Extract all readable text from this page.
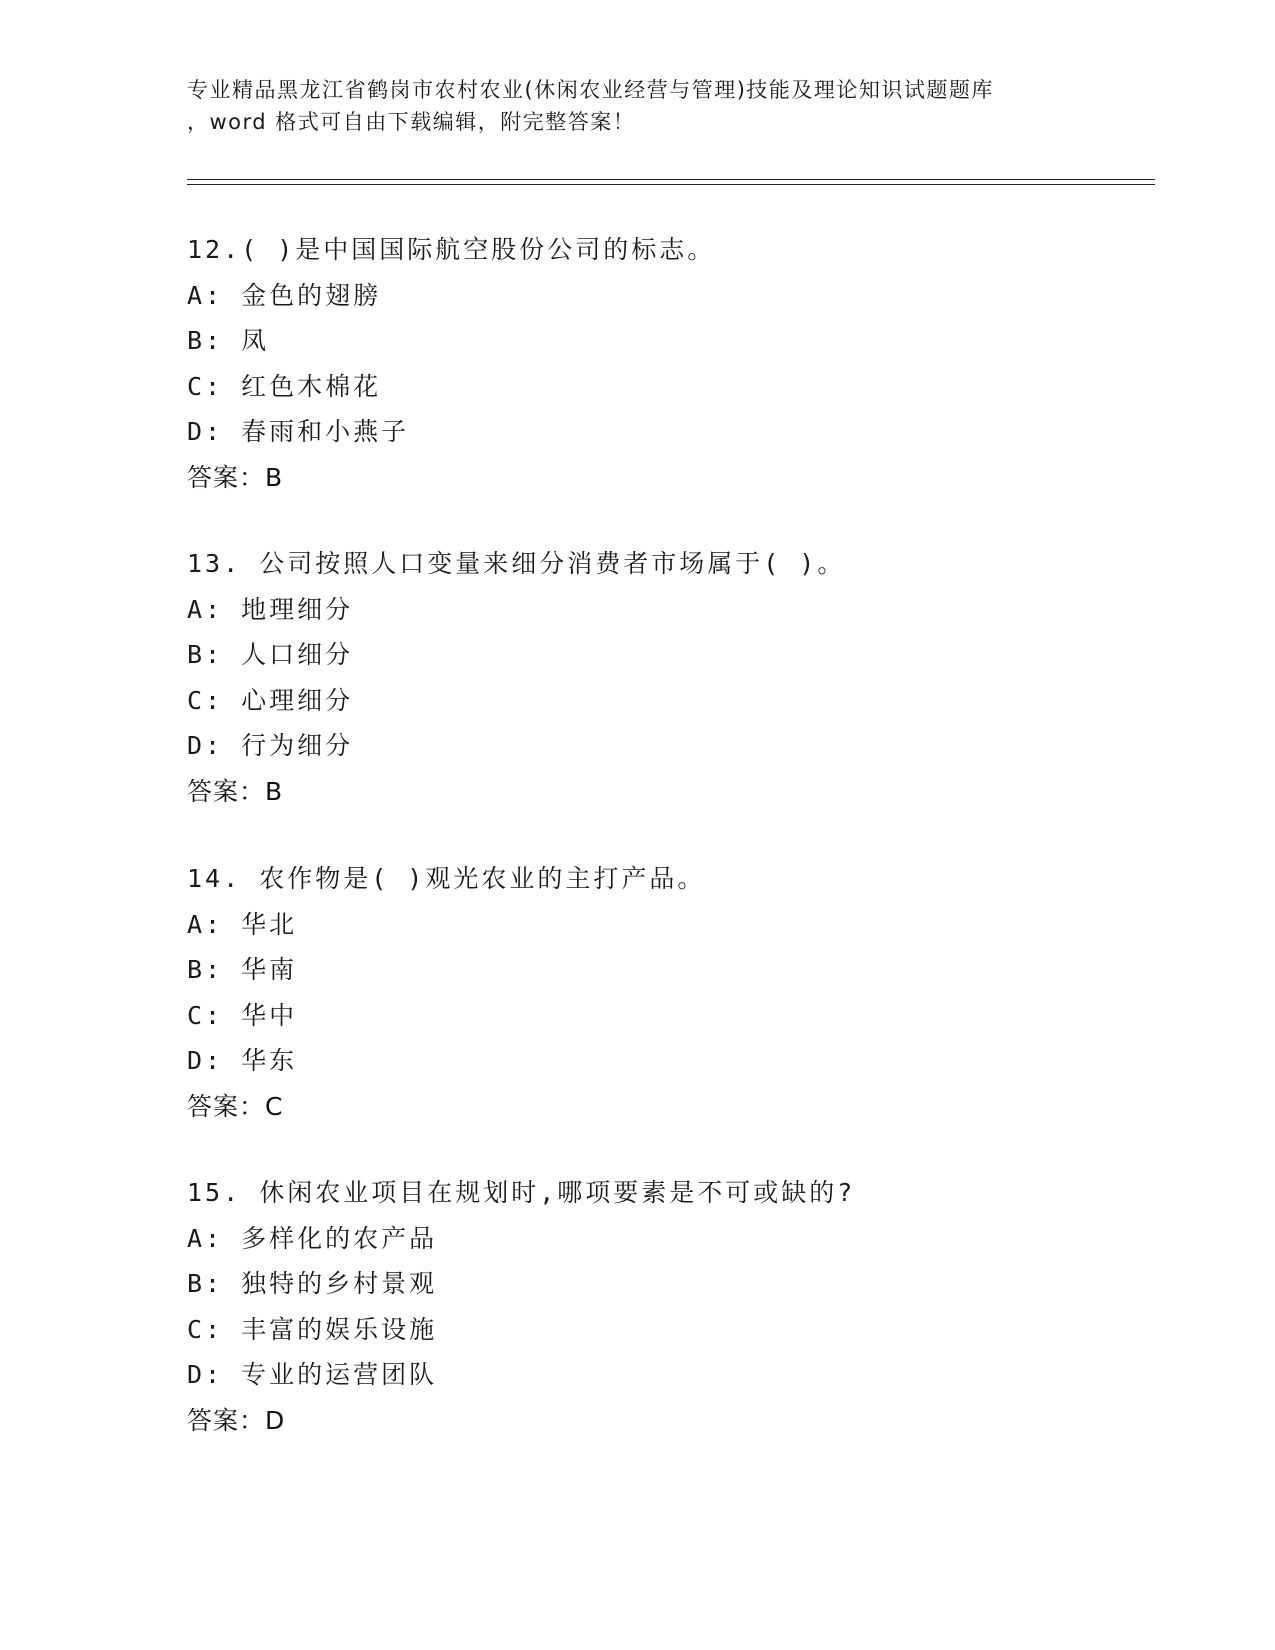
专业精品黑龙江省鹤岗市农村农业(休闲农业经营与管理)技能及理论知识试题题库
，word 格式可自由下载编辑，附完整答案！
12.( )是中国国际航空股份公司的标志。
A: 金色的翅膀
B: 凤
C: 红色木棉花
D: 春雨和小燕子
答案：B
13. 公司按照人口变量来细分消费者市场属于( )。
A: 地理细分
B: 人口细分
C: 心理细分
D: 行为细分
答案：B
14. 农作物是( )观光农业的主打产品。
A: 华北
B: 华南
C: 华中
D: 华东
答案：C
15. 休闲农业项目在规划时,哪项要素是不可或缺的?
A: 多样化的农产品
B: 独特的乡村景观
C: 丰富的娱乐设施
D: 专业的运营团队
答案：D
